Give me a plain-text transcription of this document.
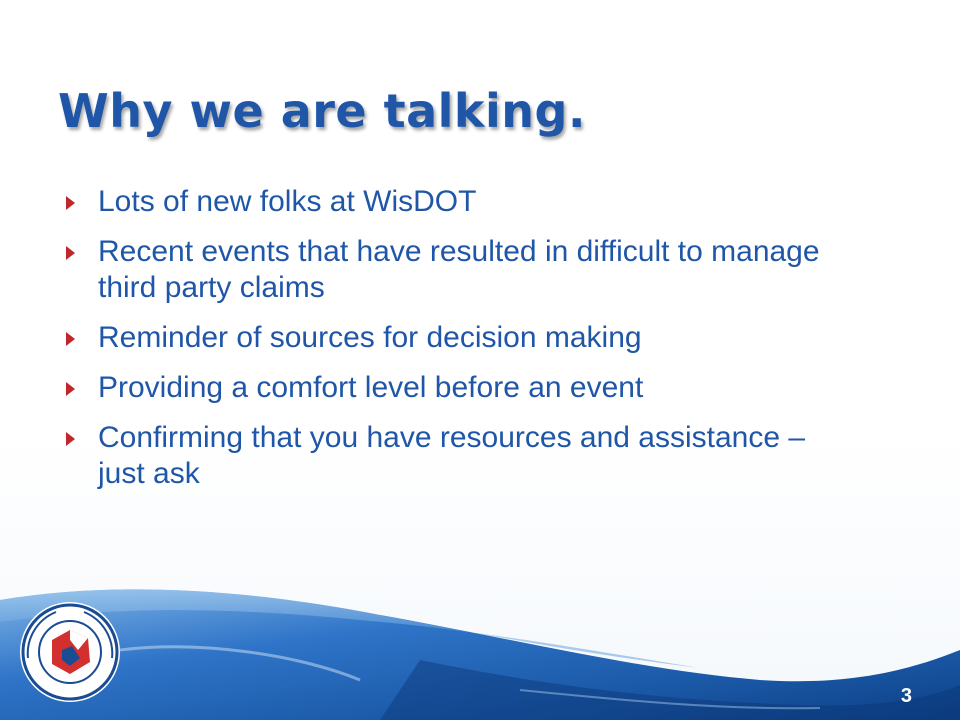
Why we are talking.
Lots of new folks at WisDOT
Recent events that have resulted in difficult to manage third party claims
Reminder of sources for decision making
Providing a comfort level before an event
Confirming that you have resources and assistance – just ask
3
